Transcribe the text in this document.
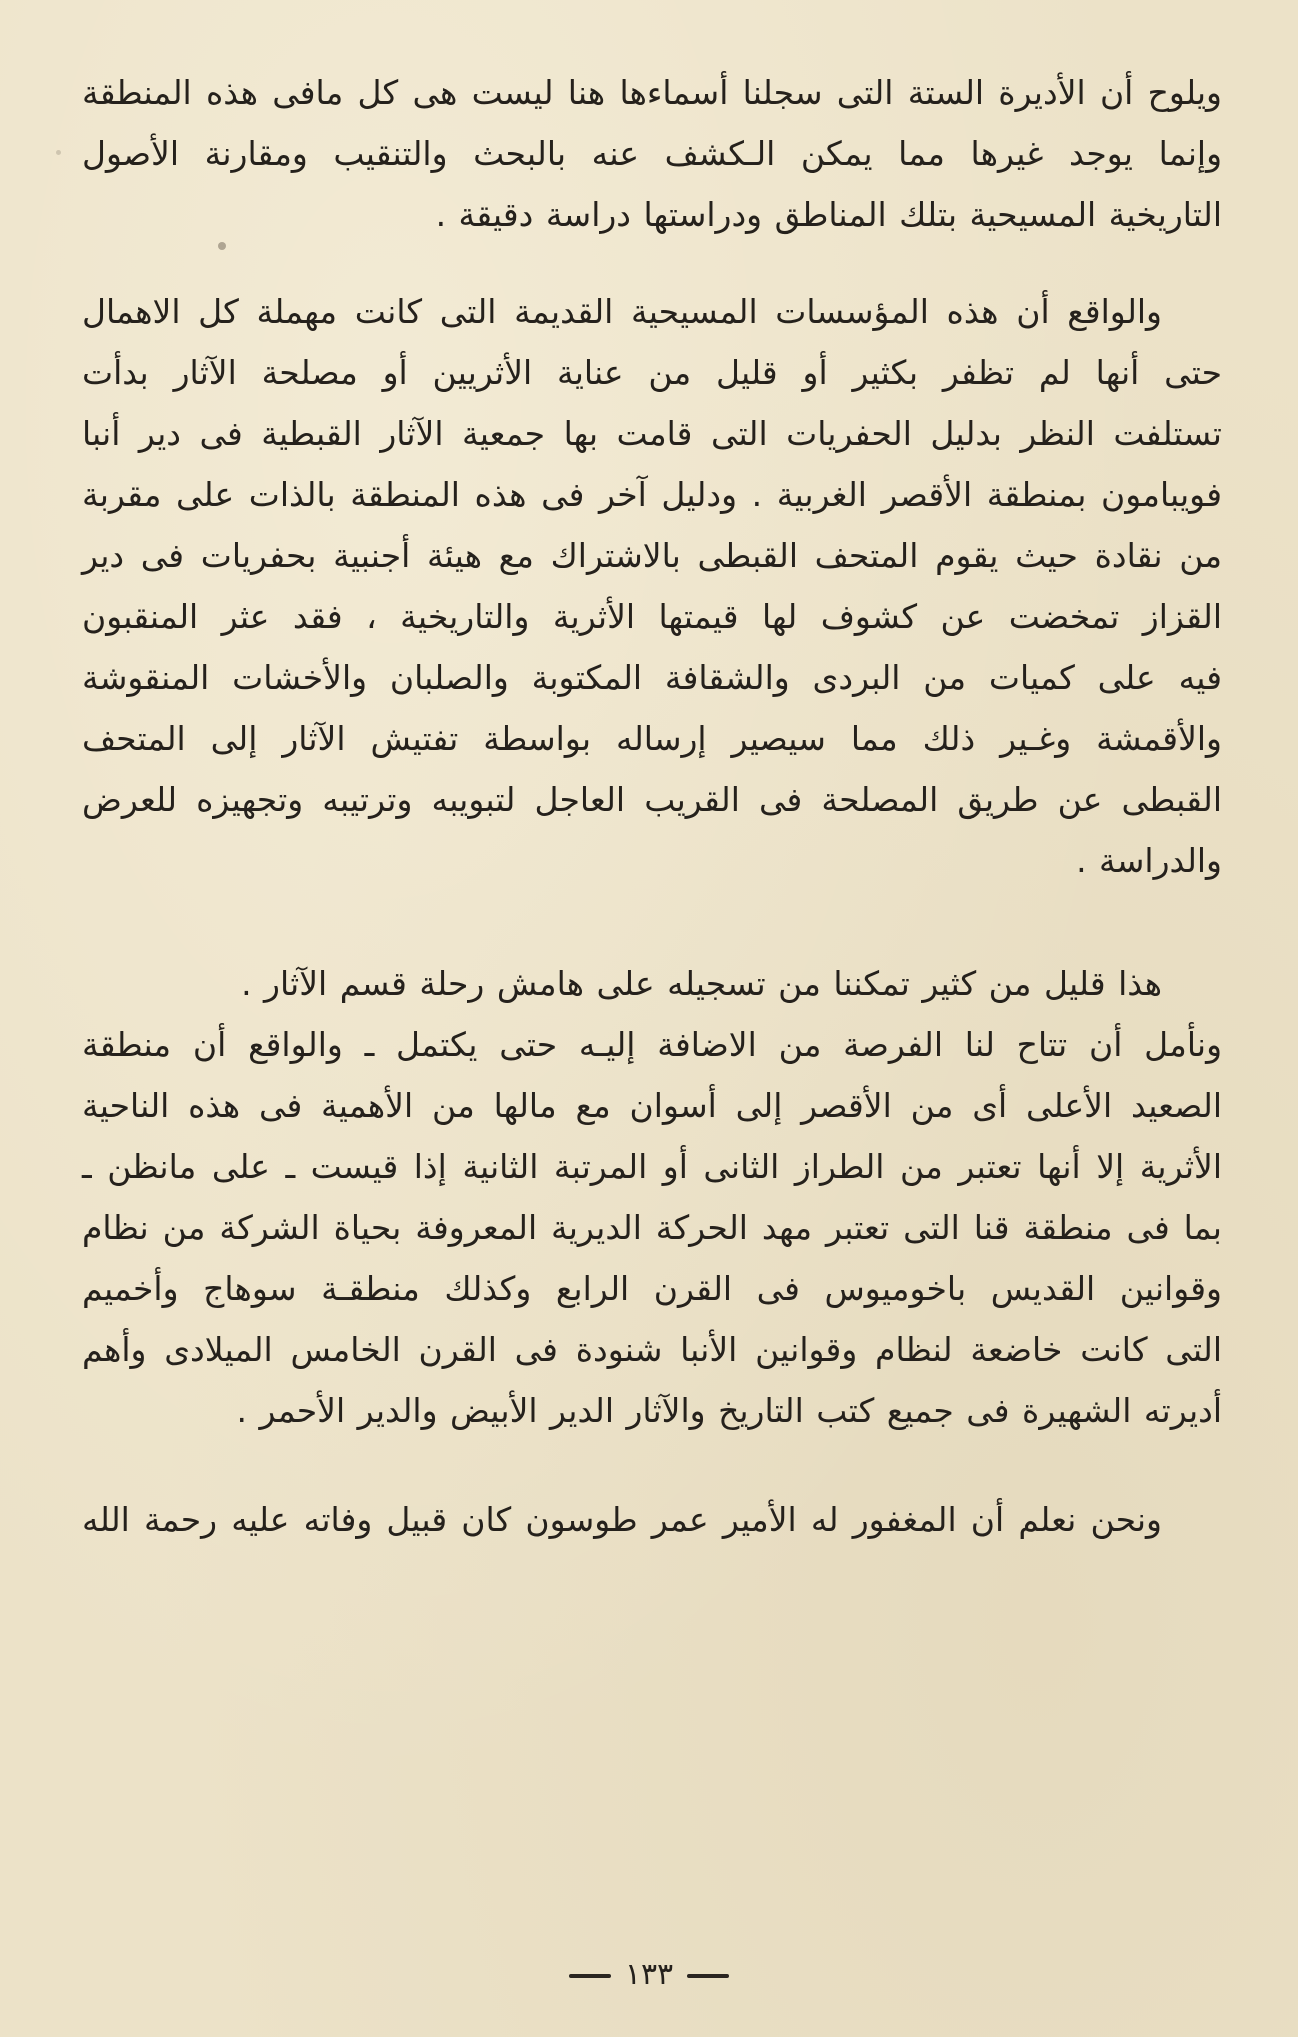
ويلوح أن الأديرة الستة التى سجلنا أسماءها هنا ليست هى كل مافى هذه المنطقة
وإنما يوجد غيرها مما يمكن الـكشف عنه بالبحث والتنقيب ومقارنة الأصول
التاريخية المسيحية بتلك المناطق ودراستها دراسة دقيقة .

والواقع أن هذه المؤسسات المسيحية القديمة التى كانت مهملة كل الاهمال
حتى أنها لم تظفر بكثير أو قليل من عناية الأثريين أو مصلحة الآثار بدأت
تستلفت النظر بدليل الحفريات التى قامت بها جمعية الآثار القبطية فى دير أنبا
فويبامون بمنطقة الأقصر الغربية . ودليل آخر فى هذه المنطقة بالذات على مقربة
من نقادة حيث يقوم المتحف القبطى بالاشتراك مع هيئة أجنبية بحفريات فى دير
القزاز تمخضت عن كشوف لها قيمتها الأثرية والتاريخية ، فقد عثر المنقبون
فيه على كميات من البردى والشقافة المكتوبة والصلبان والأخشات المنقوشة
والأقمشة وغـير ذلك مما سيصير إرساله بواسطة تفتيش الآثار إلى المتحف
القبطى عن طريق المصلحة فى القريب العاجل لتبويبه وترتيبه وتجهيزه للعرض
والدراسة .

هذا قليل من كثير تمكننا من تسجيله على هامش رحلة قسم الآثار .
ونأمل أن تتاح لنا الفرصة من الاضافة إليـه حتى يكتمل ـ والواقع أن منطقة
الصعيد الأعلى أى من الأقصر إلى أسوان مع مالها من الأهمية فى هذه الناحية
الأثرية إلا أنها تعتبر من الطراز الثانى أو المرتبة الثانية إذا قيست ـ على مانظن ـ
بما فى منطقة قنا التى تعتبر مهد الحركة الديرية المعروفة بحياة الشركة من نظام
وقوانين القديس باخوميوس فى القرن الرابع وكذلك منطقـة سوهاج وأخميم
التى كانت خاضعة لنظام وقوانين الأنبا شنودة فى القرن الخامس الميلادى وأهم
أديرته الشهيرة فى جميع كتب التاريخ والآثار الدير الأبيض والدير الأحمر .

ونحن نعلم أن المغفور له الأمير عمر طوسون كان قبيل وفاته عليه رحمة الله

١٣٣
